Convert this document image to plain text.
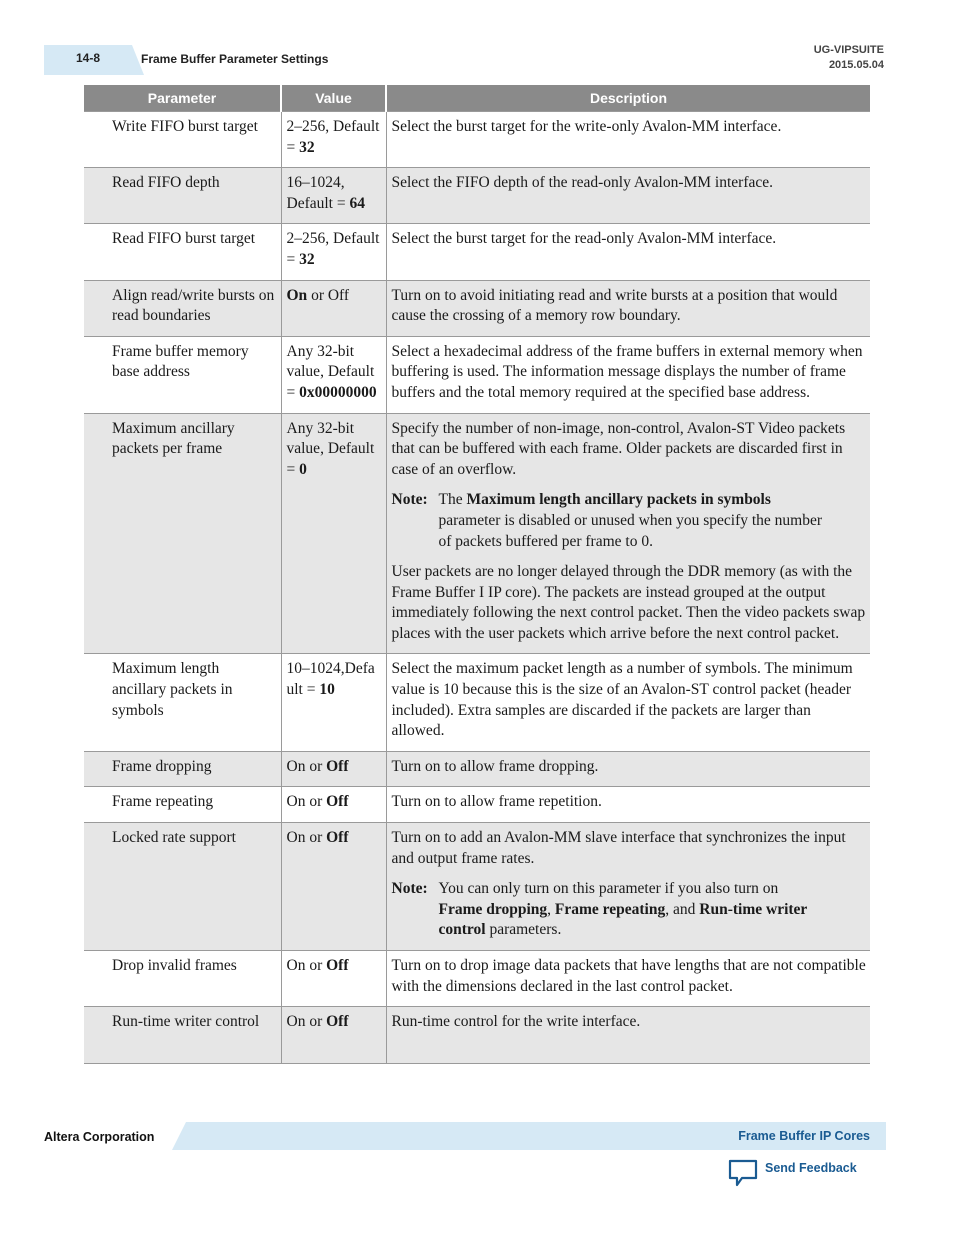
14-8	Frame Buffer Parameter Settings
UG-VIPSUITE
2015.05.04
Parameter	Value	Description
Write FIFO burst target	2–256, Default = 32	Select the burst target for the write-only Avalon-MM interface.
Read FIFO depth	16–1024, Default = 64	Select the FIFO depth of the read-only Avalon-MM interface.
Read FIFO burst target	2–256, Default = 32	Select the burst target for the read-only Avalon-MM interface.
Align read/write bursts on read boundaries	On or Off	Turn on to avoid initiating read and write bursts at a position that would cause the crossing of a memory row boundary.
Frame buffer memory base address	Any 32-bit value, Default = 0x00000000	Select a hexadecimal address of the frame buffers in external memory when buffering is used. The information message displays the number of frame buffers and the total memory required at the specified base address.
Maximum ancillary packets per frame	Any 32-bit value, Default = 0	Specify the number of non-image, non-control, Avalon-ST Video packets that can be buffered with each frame. Older packets are discarded first in case of an overflow.

Note: The Maximum length ancillary packets in symbols parameter is disabled or unused when you specify the number of packets buffered per frame to 0.

User packets are no longer delayed through the DDR memory (as with the Frame Buffer I IP core). The packets are instead grouped at the output immediately following the next control packet. Then the video packets swap places with the user packets which arrive before the next control packet.

Maximum length ancillary packets in symbols	10–1024,Default = 10	Select the maximum packet length as a number of symbols. The minimum value is 10 because this is the size of an Avalon-ST control packet (header included). Extra samples are discarded if the packets are larger than allowed.
Frame dropping	On or Off	Turn on to allow frame dropping.
Frame repeating	On or Off	Turn on to allow frame repetition.
Locked rate support	On or Off	Turn on to add an Avalon-MM slave interface that synchronizes the input and output frame rates.

Note: You can only turn on this parameter if you also turn on Frame dropping, Frame repeating, and Run-time writer control parameters.

Drop invalid frames	On or Off	Turn on to drop image data packets that have lengths that are not compatible with the dimensions declared in the last control packet.
Run-time writer control	On or Off	Run-time control for the write interface.
Altera Corporation	Frame Buffer IP Cores
Send Feedback
